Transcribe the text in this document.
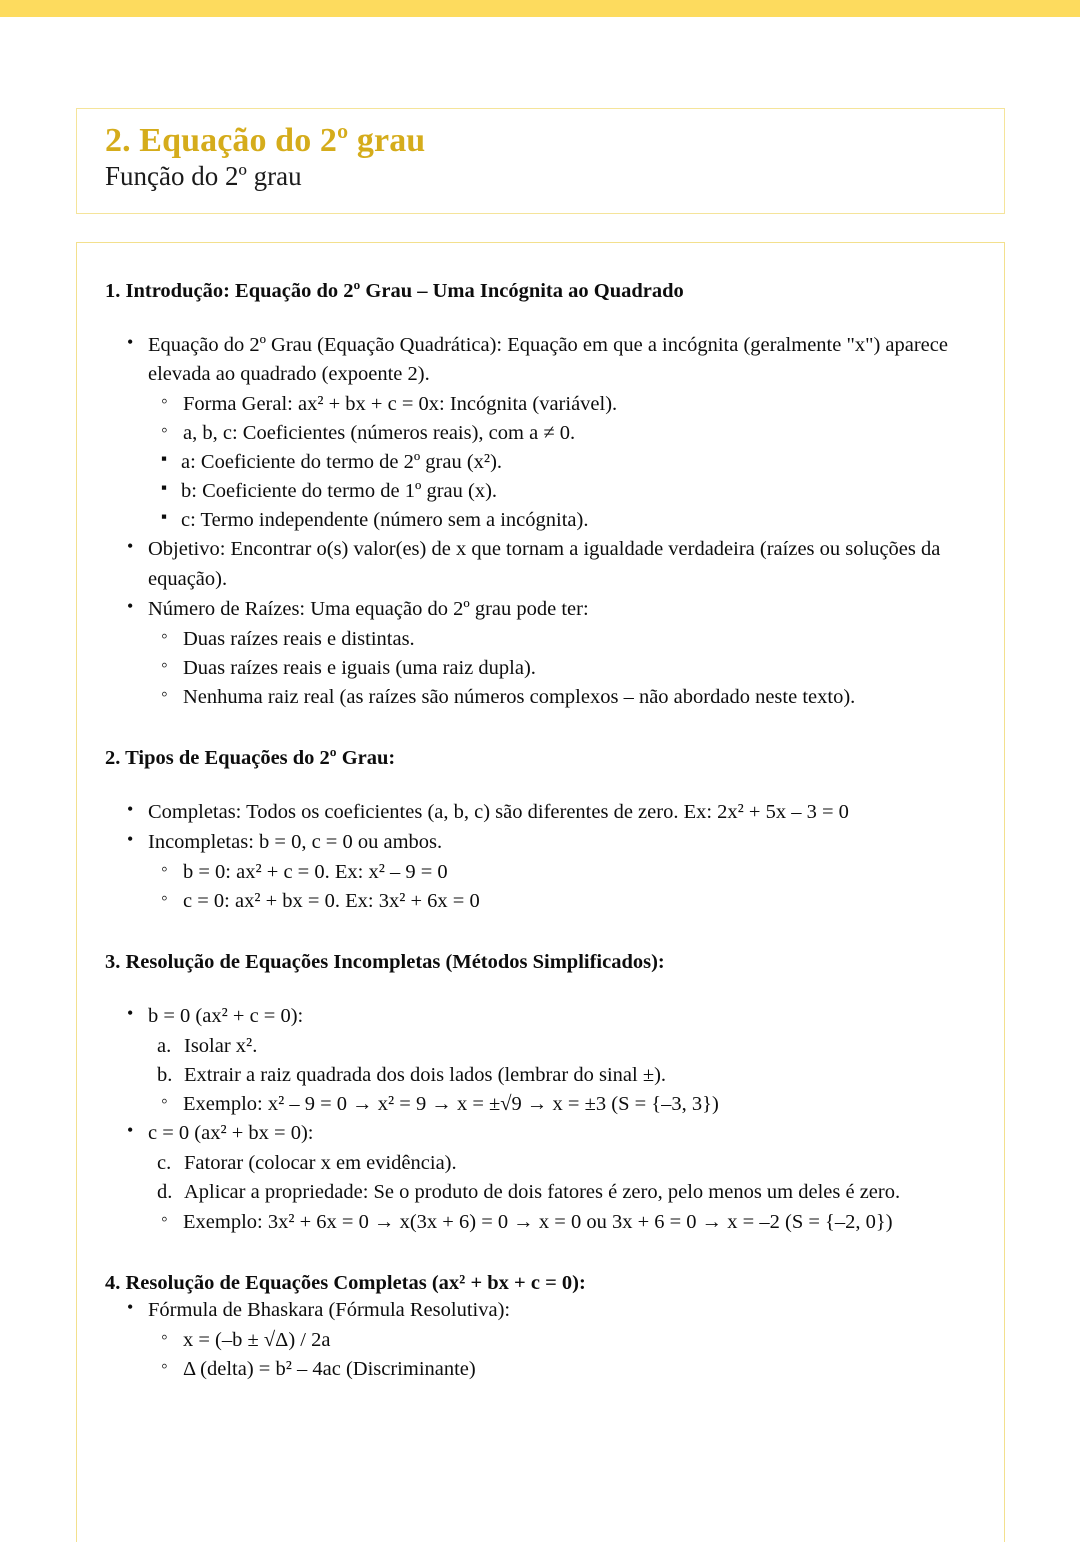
2. Equação do 2º grau
Função do 2º grau
1. Introdução: Equação do 2º Grau – Uma Incógnita ao Quadrado
• Equação do 2º Grau (Equação Quadrática): Equação em que a incógnita (geralmente "x") aparece elevada ao quadrado (expoente 2).
◦ Forma Geral: ax² + bx + c = 0x: Incógnita (variável).
◦ a, b, c: Coeficientes (números reais), com a ≠ 0.
▪ a: Coeficiente do termo de 2º grau (x²).
▪ b: Coeficiente do termo de 1º grau (x).
▪ c: Termo independente (número sem a incógnita).
• Objetivo: Encontrar o(s) valor(es) de x que tornam a igualdade verdadeira (raízes ou soluções da equação).
• Número de Raízes: Uma equação do 2º grau pode ter:
◦ Duas raízes reais e distintas.
◦ Duas raízes reais e iguais (uma raiz dupla).
◦ Nenhuma raiz real (as raízes são números complexos – não abordado neste texto).
2. Tipos de Equações do 2º Grau:
• Completas: Todos os coeficientes (a, b, c) são diferentes de zero. Ex: 2x² + 5x – 3 = 0
• Incompletas: b = 0, c = 0 ou ambos.
◦ b = 0: ax² + c = 0. Ex: x² – 9 = 0
◦ c = 0: ax² + bx = 0. Ex: 3x² + 6x = 0
3. Resolução de Equações Incompletas (Métodos Simplificados):
• b = 0 (ax² + c = 0):
a. Isolar x².
b. Extrair a raiz quadrada dos dois lados (lembrar do sinal ±).
◦ Exemplo: x² – 9 = 0 → x² = 9 → x = ±√9 → x = ±3 (S = {–3, 3})
• c = 0 (ax² + bx = 0):
c. Fatorar (colocar x em evidência).
d. Aplicar a propriedade: Se o produto de dois fatores é zero, pelo menos um deles é zero.
◦ Exemplo: 3x² + 6x = 0 → x(3x + 6) = 0 → x = 0 ou 3x + 6 = 0 → x = –2 (S = {–2, 0})
4. Resolução de Equações Completas (ax² + bx + c = 0):
• Fórmula de Bhaskara (Fórmula Resolutiva):
◦ x = (–b ± √Δ) / 2a
◦ Δ (delta) = b² – 4ac (Discriminante)
